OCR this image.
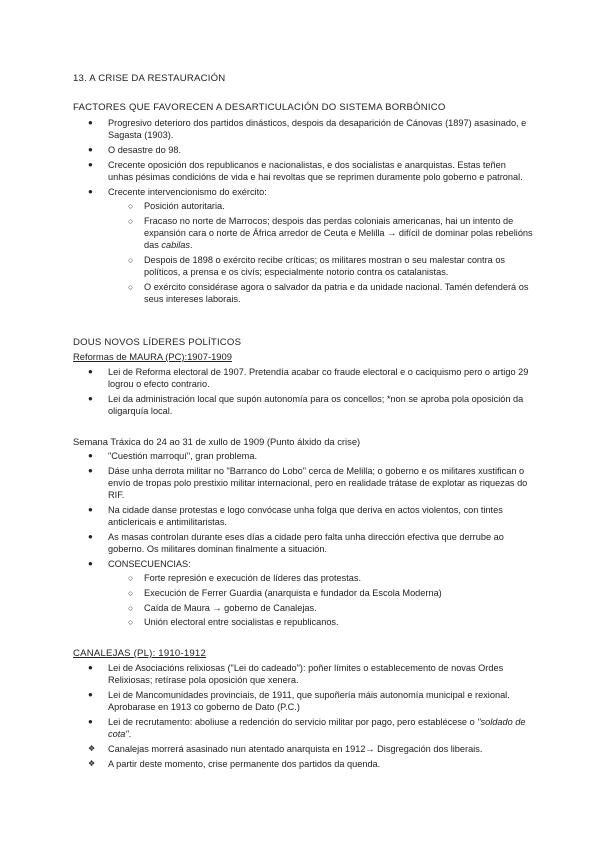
13. A CRISE DA RESTAURACIÓN
FACTORES QUE FAVORECEN A DESARTICULACIÓN DO SISTEMA BORBÓNICO
● Progresivo deterioro dos partidos dinásticos, despois da desaparición de Cánovas (1897) asasinado, e Sagasta (1903).
● O desastre do 98.
● Crecente oposición dos republicanos e nacionalistas, e dos socialistas e anarquistas. Estas teñen unhas pésimas condicións de vida e hai revoltas que se reprimen duramente polo goberno e patronal.
● Crecente intervencionismo do exército:
○ Posición autoritaria.
○ Fracaso no norte de Marrocos; despois das perdas coloniais americanas, hai un intento de expansión cara o norte de África arredor de Ceuta e Melilla → difícil de dominar polas rebelións das cabilas.
○ Despois de 1898 o exército recibe críticas; os militares mostran o seu malestar contra os políticos, a prensa e os civís; especialmente notorio contra os catalanistas.
○ O exército considérase agora o salvador da patria e da unidade nacional. Tamén defenderá os seus intereses laborais.
DOUS NOVOS LÍDERES POLÍTICOS
Reformas de MAURA (PC):1907-1909
● Lei de Reforma electoral de 1907. Pretendía acabar co fraude electoral e o caciquismo pero o artigo 29 logrou o efecto contrario.
● Lei da administración local que supón autonomía para os concellos; *non se aproba pola oposición da oligarquía local.
Semana Tráxica do 24 ao 31 de xullo de 1909 (Punto álxido da crise)
● "Cuestión marroquí", gran problema.
● Dáse unha derrota militar no "Barranco do Lobo" cerca de Melilla; o goberno e os militares xustifican o envío de tropas polo prestixio militar internacional, pero en realidade trátase de explotar as riquezas do RIF.
● Na cidade danse protestas e logo convócase unha folga que deriva en actos violentos, con tintes anticlericais e antimilitaristas.
● As masas controlan durante eses días a cidade pero falta unha dirección efectiva que derrube ao goberno. Os militares dominan finalmente a situación.
● CONSECUENCIAS:
○ Forte represión e execución de líderes das protestas.
○ Execución de Ferrer Guardia (anarquista e fundador da Escola Moderna)
○ Caída de Maura → goberno de Canalejas.
○ Unión electoral entre socialistas e republicanos.
CANALEJAS (PL): 1910-1912
● Lei de Asociacións relixiosas ("Lei do cadeado"): poñer límites o establecemento de novas Ordes Relixiosas; retírase pola oposición que xenera.
● Lei de Mancomunidades provinciais, de 1911, que supoñería máis autonomía municipal e rexional. Aprobarase en 1913 co goberno de Dato (P.C.)
● Lei de recrutamento: aboliuse a redención do servicio militar por pago, pero establécese o "soldado de cota".
❖ Canalejas morrerá asasinado nun atentado anarquista en 1912→ Disgregación dos liberais.
❖ A partir deste momento, crise permanente dos partidos da quenda.
